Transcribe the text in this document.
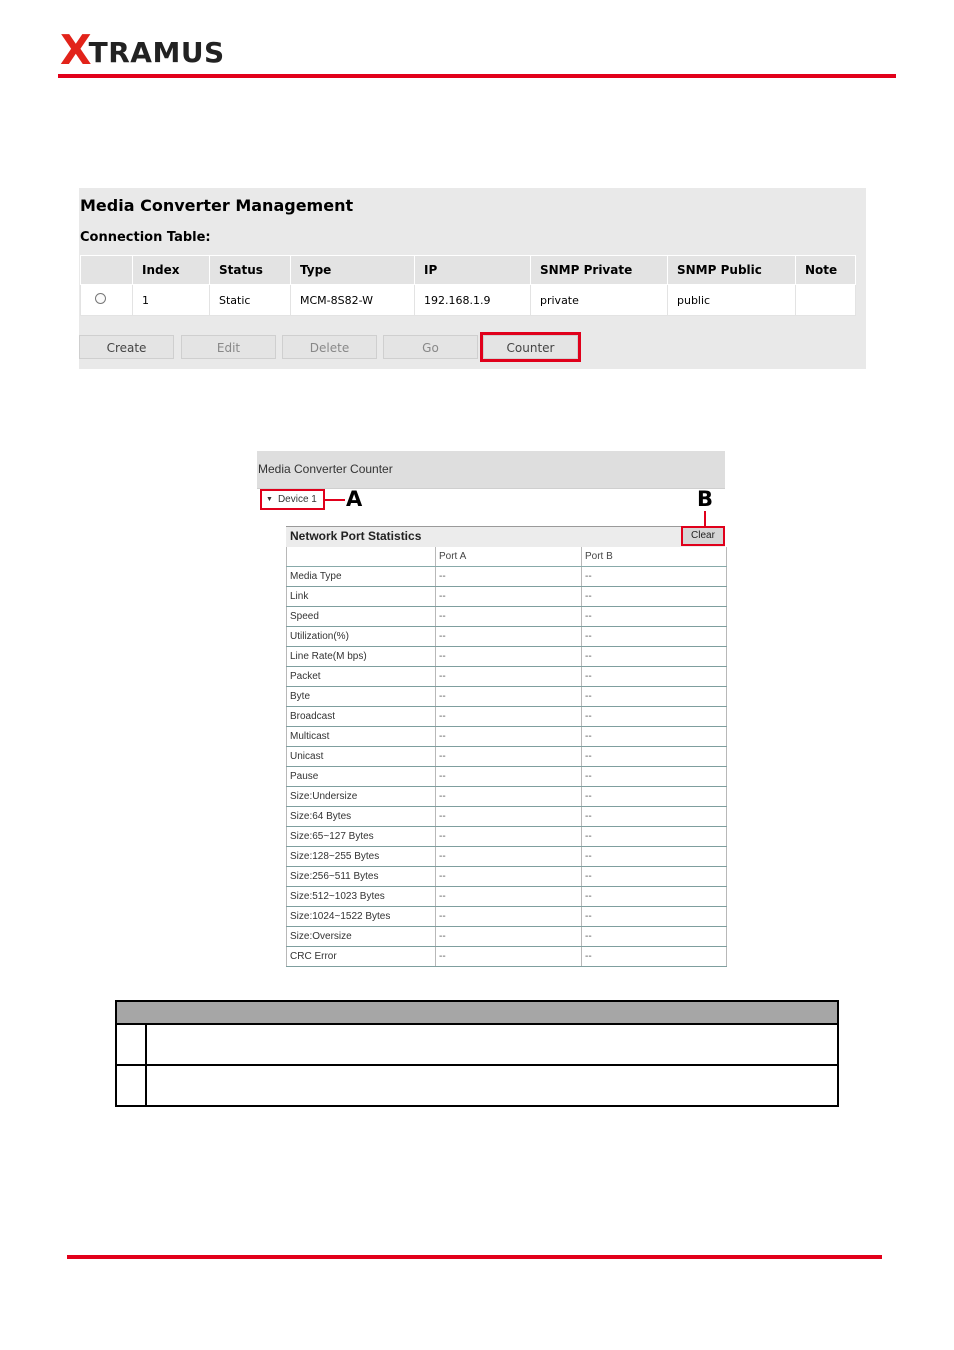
X
TRAMUS
Media Converter Management
Connection Table:
	Index	Status	Type	IP	SNMP Private	SNMP Public	Note
	1	Static	MCM-8S82-W	192.168.1.9	private	public	
Create	Edit	Delete	Go	Counter
Media Converter Counter
▼ Device 1	A	B
Network Port Statistics	Clear
	Port A	Port B
Media Type	--	--
Link	--	--
Speed	--	--
Utilization(%)	--	--
Line Rate(M bps)	--	--
Packet	--	--
Byte	--	--
Broadcast	--	--
Multicast	--	--
Unicast	--	--
Pause	--	--
Size:Undersize	--	--
Size:64 Bytes	--	--
Size:65~127 Bytes	--	--
Size:128~255 Bytes	--	--
Size:256~511 Bytes	--	--
Size:512~1023 Bytes	--	--
Size:1024~1522 Bytes	--	--
Size:Oversize	--	--
CRC Error	--	--
